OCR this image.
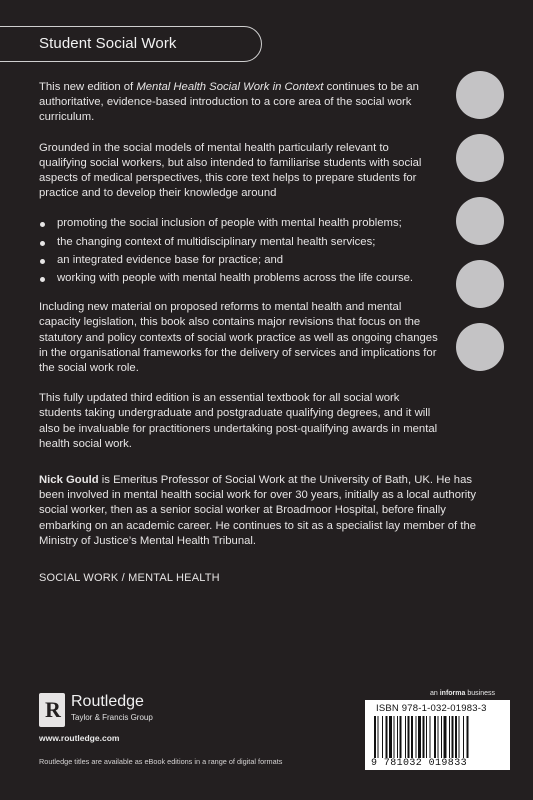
Student Social Work

This new edition of Mental Health Social Work in Context continues to be an authoritative, evidence-based introduction to a core area of the social work curriculum.

Grounded in the social models of mental health particularly relevant to qualifying social workers, but also intended to familiarise students with social aspects of medical perspectives, this core text helps to prepare students for practice and to develop their knowledge around

promoting the social inclusion of people with mental health problems;
the changing context of multidisciplinary mental health services;
an integrated evidence base for practice; and
working with people with mental health problems across the life course.

Including new material on proposed reforms to mental health and mental capacity legislation, this book also contains major revisions that focus on the statutory and policy contexts of social work practice as well as ongoing changes in the organisational frameworks for the delivery of services and implications for the social work role.

This fully updated third edition is an essential textbook for all social work students taking undergraduate and postgraduate qualifying degrees, and it will also be invaluable for practitioners undertaking post-qualifying awards in mental health social work.

Nick Gould is Emeritus Professor of Social Work at the University of Bath, UK. He has been involved in mental health social work for over 30 years, initially as a local authority social worker, then as a senior social worker at Broadmoor Hospital, before finally embarking on an academic career. He continues to sit as a specialist lay member of the Ministry of Justice’s Mental Health Tribunal.

SOCIAL WORK / MENTAL HEALTH
R
Routledge
Taylor & Francis Group
www.routledge.com
Routledge titles are available as eBook editions in a range of digital formats
an informa business
ISBN 978-1-032-01983-3
9 781032 019833
